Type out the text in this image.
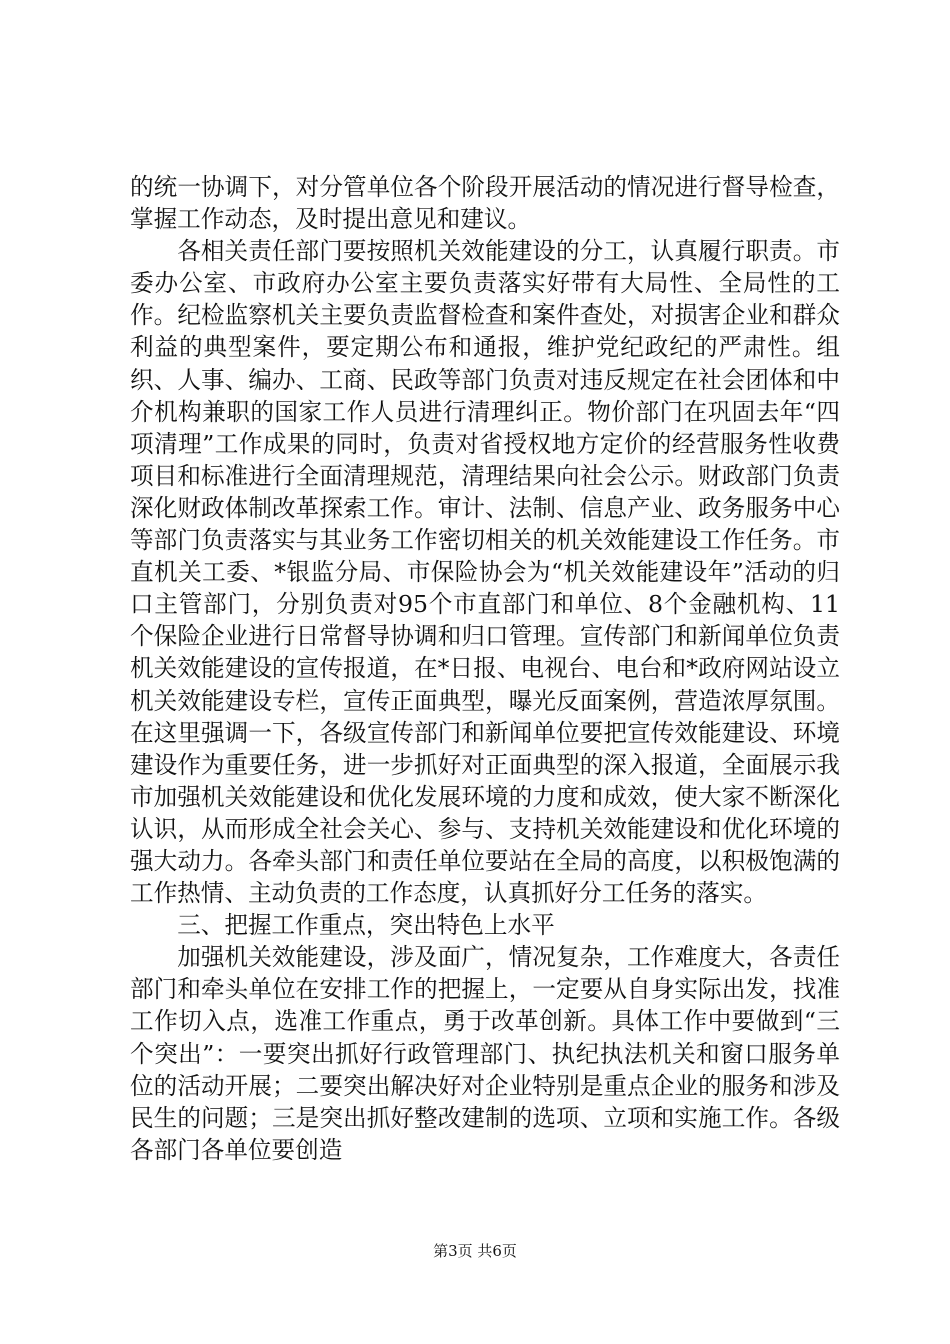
的统一协调下，对分管单位各个阶段开展活动的情况进行督导检查，掌握工作动态，及时提出意见和建议。

各相关责任部门要按照机关效能建设的分工，认真履行职责。市委办公室、市政府办公室主要负责落实好带有大局性、全局性的工作。纪检监察机关主要负责监督检查和案件查处，对损害企业和群众利益的典型案件，要定期公布和通报，维护党纪政纪的严肃性。组织、人事、编办、工商、民政等部门负责对违反规定在社会团体和中介机构兼职的国家工作人员进行清理纠正。物价部门在巩固去年“四项清理”工作成果的同时，负责对省授权地方定价的经营服务性收费项目和标准进行全面清理规范，清理结果向社会公示。财政部门负责深化财政体制改革探索工作。审计、法制、信息产业、政务服务中心等部门负责落实与其业务工作密切相关的机关效能建设工作任务。市直机关工委、*银监分局、市保险协会为“机关效能建设年”活动的归口主管部门，分别负责对95个市直部门和单位、8个金融机构、11个保险企业进行日常督导协调和归口管理。宣传部门和新闻单位负责机关效能建设的宣传报道，在*日报、电视台、电台和*政府网站设立机关效能建设专栏，宣传正面典型，曝光反面案例，营造浓厚氛围。在这里强调一下，各级宣传部门和新闻单位要把宣传效能建设、环境建设作为重要任务，进一步抓好对正面典型的深入报道，全面展示我市加强机关效能建设和优化发展环境的力度和成效，使大家不断深化认识，从而形成全社会关心、参与、支持机关效能建设和优化环境的强大动力。各牵头部门和责任单位要站在全局的高度，以积极饱满的工作热情、主动负责的工作态度，认真抓好分工任务的落实。

三、把握工作重点，突出特色上水平

加强机关效能建设，涉及面广，情况复杂，工作难度大，各责任部门和牵头单位在安排工作的把握上，一定要从自身实际出发，找准工作切入点，选准工作重点，勇于改革创新。具体工作中要做到“三个突出”：一要突出抓好行政管理部门、执纪执法机关和窗口服务单位的活动开展；二要突出解决好对企业特别是重点企业的服务和涉及民生的问题；三是突出抓好整改建制的选项、立项和实施工作。各级各部门各单位要创造

第3页 共6页
